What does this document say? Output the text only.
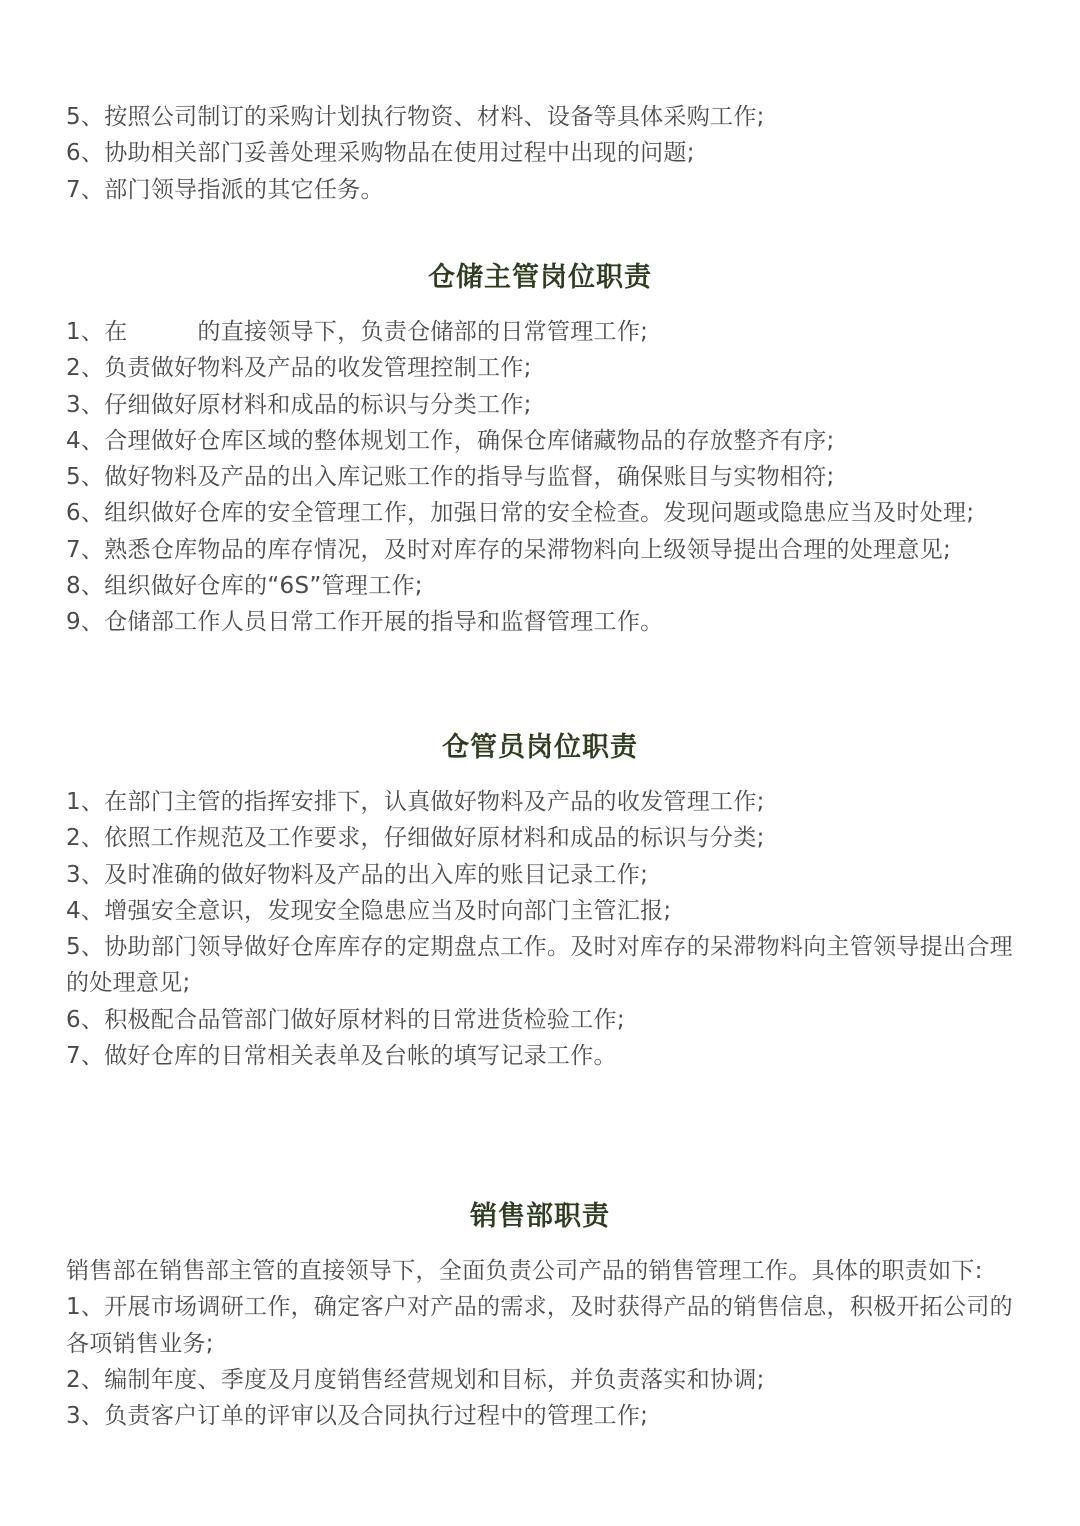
5、按照公司制订的采购计划执行物资、材料、设备等具体采购工作;
6、协助相关部门妥善处理采购物品在使用过程中出现的问题;
7、部门领导指派的其它任务。
仓储主管岗位职责
1、在　　　的直接领导下，负责仓储部的日常管理工作;
2、负责做好物料及产品的收发管理控制工作;
3、仔细做好原材料和成品的标识与分类工作;
4、合理做好仓库区域的整体规划工作，确保仓库储藏物品的存放整齐有序;
5、做好物料及产品的出入库记账工作的指导与监督，确保账目与实物相符;
6、组织做好仓库的安全管理工作，加强日常的安全检查。发现问题或隐患应当及时处理;
7、熟悉仓库物品的库存情况，及时对库存的呆滞物料向上级领导提出合理的处理意见;
8、组织做好仓库的“6S”管理工作;
9、仓储部工作人员日常工作开展的指导和监督管理工作。
仓管员岗位职责
1、在部门主管的指挥安排下，认真做好物料及产品的收发管理工作;
2、依照工作规范及工作要求，仔细做好原材料和成品的标识与分类;
3、及时准确的做好物料及产品的出入库的账目记录工作;
4、增强安全意识，发现安全隐患应当及时向部门主管汇报;
5、协助部门领导做好仓库库存的定期盘点工作。及时对库存的呆滞物料向主管领导提出合理的处理意见;
6、积极配合品管部门做好原材料的日常进货检验工作;
7、做好仓库的日常相关表单及台帐的填写记录工作。
销售部职责
销售部在销售部主管的直接领导下，全面负责公司产品的销售管理工作。具体的职责如下:
1、开展市场调研工作，确定客户对产品的需求，及时获得产品的销售信息，积极开拓公司的各项销售业务;
2、编制年度、季度及月度销售经营规划和目标，并负责落实和协调;
3、负责客户订单的评审以及合同执行过程中的管理工作;
